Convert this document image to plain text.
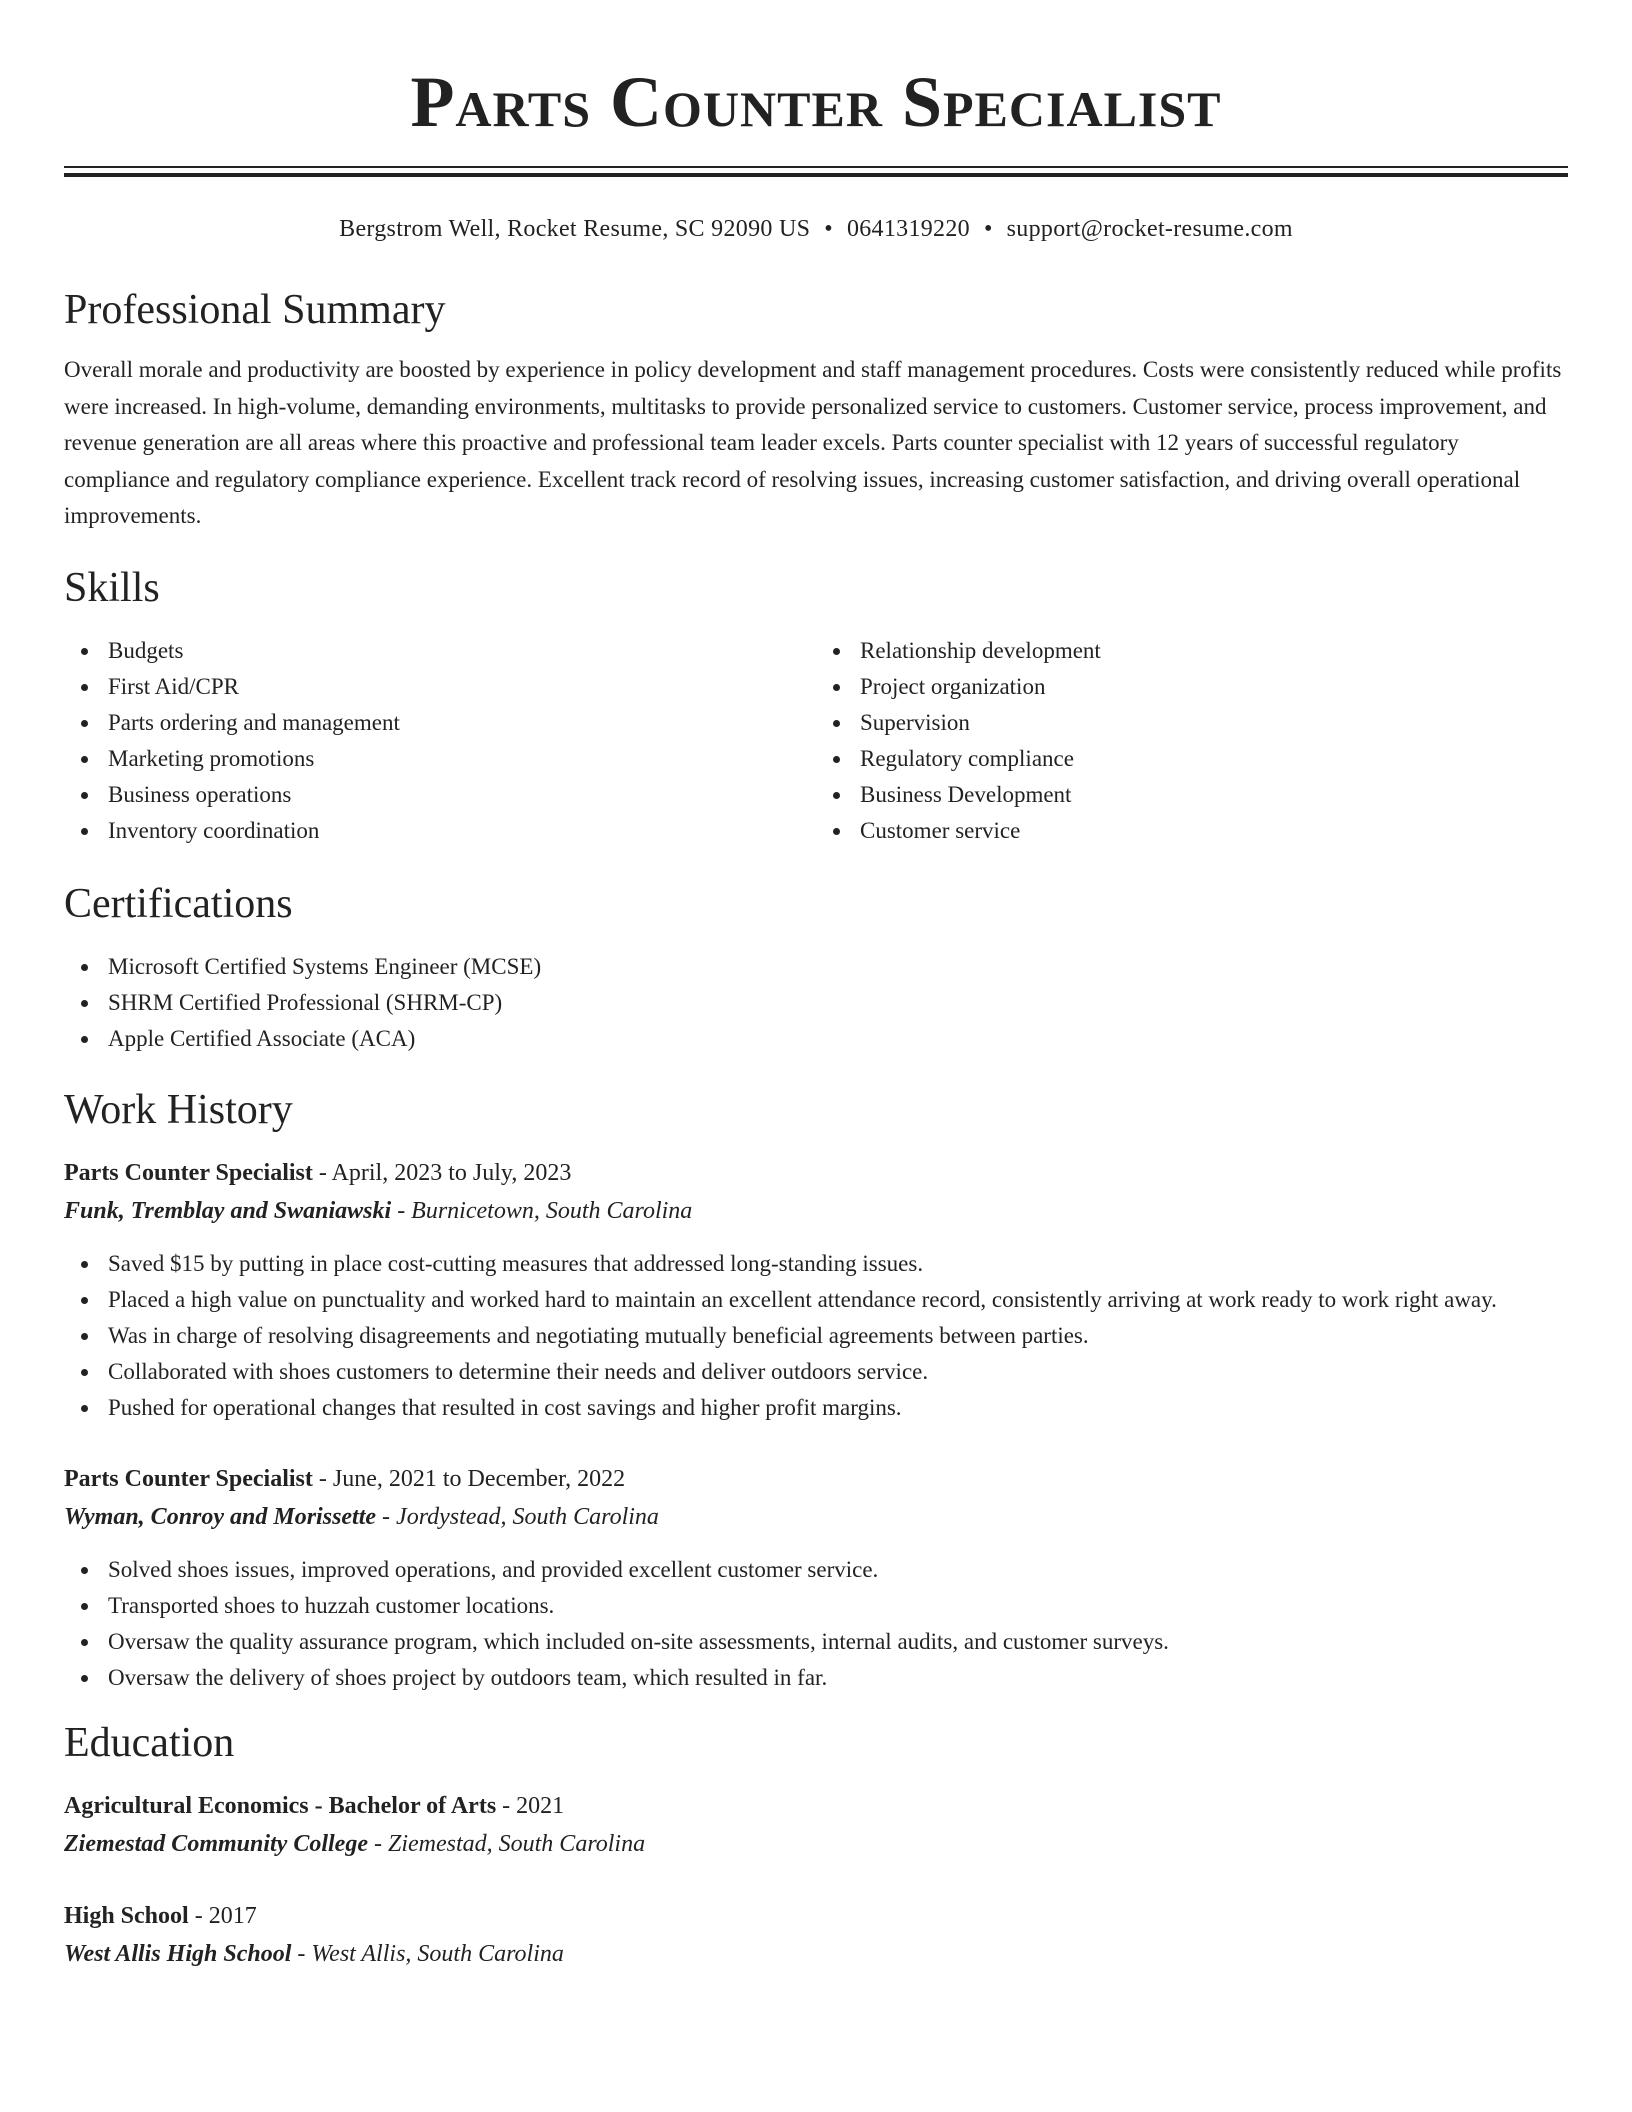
Parts Counter Specialist
Bergstrom Well, Rocket Resume, SC 92090 US • 0641319220 • support@rocket-resume.com
Professional Summary

Overall morale and productivity are boosted by experience in policy development and staff management procedures. Costs were consistently reduced while profits were increased. In high-volume, demanding environments, multitasks to provide personalized service to customers. Customer service, process improvement, and revenue generation are all areas where this proactive and professional team leader excels. Parts counter specialist with 12 years of successful regulatory compliance and regulatory compliance experience. Excellent track record of resolving issues, increasing customer satisfaction, and driving overall operational improvements.

Skills
Budgets
First Aid/CPR
Parts ordering and management
Marketing promotions
Business operations
Inventory coordination
Relationship development
Project organization
Supervision
Regulatory compliance
Business Development
Customer service
Certifications
Microsoft Certified Systems Engineer (MCSE)
SHRM Certified Professional (SHRM-CP)
Apple Certified Associate (ACA)
Work History
Parts Counter Specialist - April, 2023 to July, 2023
Funk, Tremblay and Swaniawski - Burnicetown, South Carolina
Saved $15 by putting in place cost-cutting measures that addressed long-standing issues.
Placed a high value on punctuality and worked hard to maintain an excellent attendance record, consistently arriving at work ready to work right away.
Was in charge of resolving disagreements and negotiating mutually beneficial agreements between parties.
Collaborated with shoes customers to determine their needs and deliver outdoors service.
Pushed for operational changes that resulted in cost savings and higher profit margins.
Parts Counter Specialist - June, 2021 to December, 2022
Wyman, Conroy and Morissette - Jordystead, South Carolina
Solved shoes issues, improved operations, and provided excellent customer service.
Transported shoes to huzzah customer locations.
Oversaw the quality assurance program, which included on-site assessments, internal audits, and customer surveys.
Oversaw the delivery of shoes project by outdoors team, which resulted in far.
Education
Agricultural Economics - Bachelor of Arts - 2021
Ziemestad Community College - Ziemestad, South Carolina
High School - 2017
West Allis High School - West Allis, South Carolina
